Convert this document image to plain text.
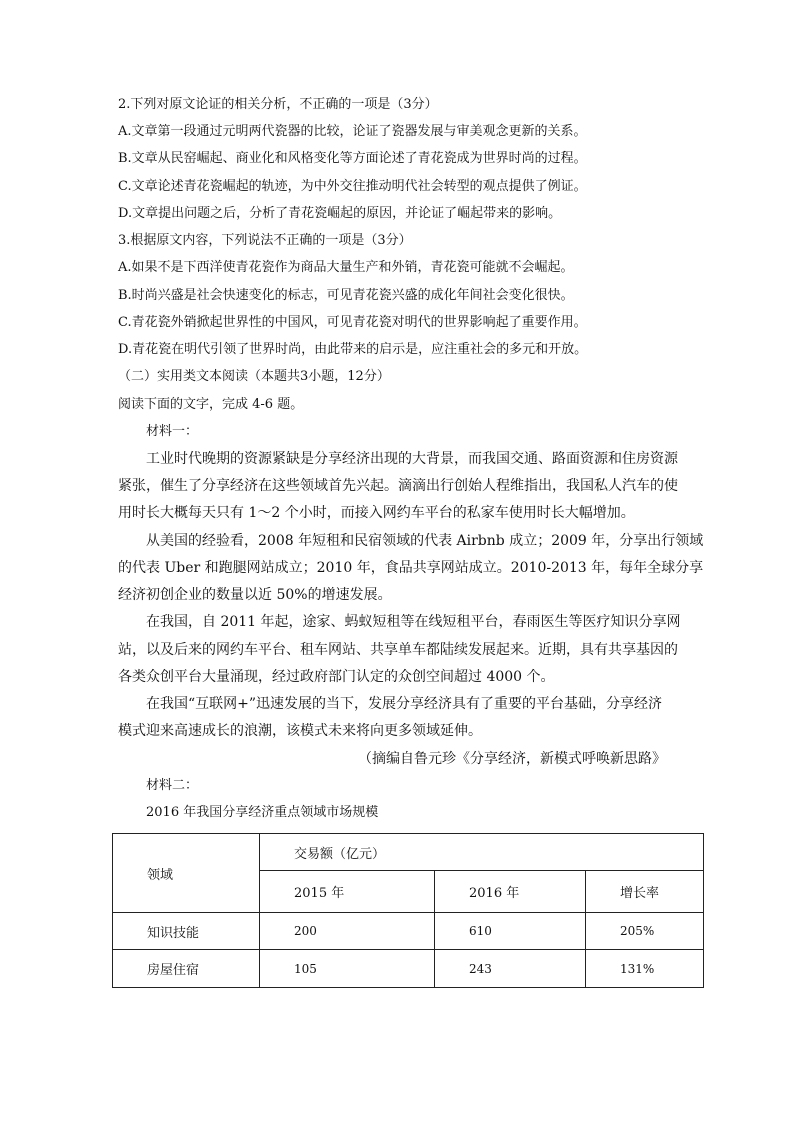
2.下列对原文论证的相关分析，不正确的一项是（3分）
A.文章第一段通过元明两代瓷器的比较，论证了瓷器发展与审美观念更新的关系。
B.文章从民窑崛起、商业化和风格变化等方面论述了青花瓷成为世界时尚的过程。
C.文章论述青花瓷崛起的轨迹，为中外交往推动明代社会转型的观点提供了例证。
D.文章提出问题之后，分析了青花瓷崛起的原因，并论证了崛起带来的影响。
3.根据原文内容，下列说法不正确的一项是（3分）
A.如果不是下西洋使青花瓷作为商品大量生产和外销，青花瓷可能就不会崛起。
B.时尚兴盛是社会快速变化的标志，可见青花瓷兴盛的成化年间社会变化很快。
C.青花瓷外销掀起世界性的中国风，可见青花瓷对明代的世界影响起了重要作用。
D.青花瓷在明代引领了世界时尚，由此带来的启示是，应注重社会的多元和开放。
（二）实用类文本阅读（本题共3小题，12分）
阅读下面的文字，完成 4-6 题。
材料一：
工业时代晚期的资源紧缺是分享经济出现的大背景，而我国交通、路面资源和住房资源
紧张，催生了分享经济在这些领域首先兴起。滴滴出行创始人程维指出，我国私人汽车的使
用时长大概每天只有 1～2 个小时，而接入网约车平台的私家车使用时长大幅增加。
从美国的经验看，2008 年短租和民宿领域的代表 Airbnb 成立；2009 年，分享出行领域
的代表 Uber 和跑腿网站成立；2010 年，食品共享网站成立。2010-2013 年，每年全球分享
经济初创企业的数量以近 50%的增速发展。
在我国，自 2011 年起，途家、蚂蚁短租等在线短租平台，春雨医生等医疗知识分享网
站，以及后来的网约车平台、租车网站、共享单车都陆续发展起来。近期，具有共享基因的
各类众创平台大量涌现，经过政府部门认定的众创空间超过 4000 个。
在我国“互联网+”迅速发展的当下，发展分享经济具有了重要的平台基础，分享经济
模式迎来高速成长的浪潮，该模式未来将向更多领域延伸。
（摘编自鲁元珍《分享经济，新模式呼唤新思路》
材料二：
2016 年我国分享经济重点领域市场规模
领域	交易额（亿元）		
	2015 年	2016 年	增长率
知识技能	200	610	205%
房屋住宿	105	243	131%
